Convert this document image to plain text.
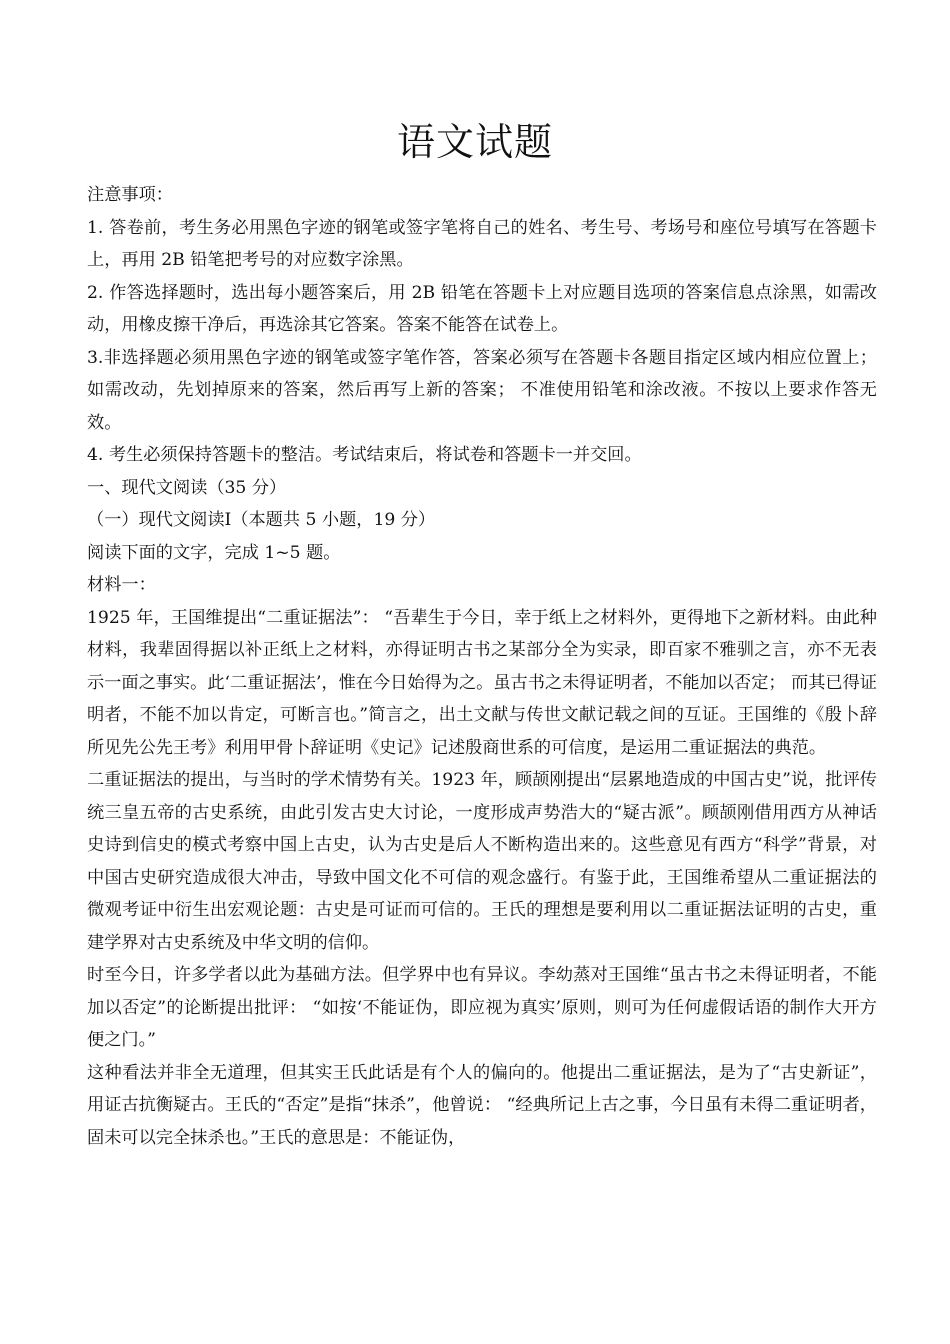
语文试题

注意事项：

1. 答卷前，考生务必用黑色字迹的钢笔或签字笔将自己的姓名、考生号、考场号和座位号填写在答题卡上，再用 2B 铅笔把考号的对应数字涂黑。

2. 作答选择题时，选出每小题答案后，用 2B 铅笔在答题卡上对应题目选项的答案信息点涂黑，如需改动，用橡皮擦干净后，再选涂其它答案。答案不能答在试卷上。

3.非选择题必须用黑色字迹的钢笔或签字笔作答，答案必须写在答题卡各题目指定区域内相应位置上； 如需改动，先划掉原来的答案，然后再写上新的答案； 不准使用铅笔和涂改液。不按以上要求作答无效。

4. 考生必须保持答题卡的整洁。考试结束后，将试卷和答题卡一并交回。

一、现代文阅读（35 分）

（一）现代文阅读Ⅰ（本题共 5 小题，19 分）

阅读下面的文字，完成 1~5 题。

材料一：

1925 年，王国维提出“二重证据法”： “吾辈生于今日，幸于纸上之材料外，更得地下之新材料。由此种材料，我辈固得据以补正纸上之材料，亦得证明古书之某部分全为实录，即百家不雅驯之言，亦不无表示一面之事实。此‘二重证据法’，惟在今日始得为之。虽古书之未得证明者，不能加以否定； 而其已得证明者，不能不加以肯定，可断言也。”简言之，出土文献与传世文献记载之间的互证。王国维的《殷卜辞所见先公先王考》利用甲骨卜辞证明《史记》记述殷商世系的可信度，是运用二重证据法的典范。

二重证据法的提出，与当时的学术情势有关。1923 年，顾颉刚提出“层累地造成的中国古史”说，批评传统三皇五帝的古史系统，由此引发古史大讨论，一度形成声势浩大的“疑古派”。顾颉刚借用西方从神话史诗到信史的模式考察中国上古史，认为古史是后人不断构造出来的。这些意见有西方“科学”背景，对中国古史研究造成很大冲击，导致中国文化不可信的观念盛行。有鉴于此，王国维希望从二重证据法的微观考证中衍生出宏观论题：古史是可证而可信的。王氏的理想是要利用以二重证据法证明的古史，重建学界对古史系统及中华文明的信仰。

时至今日，许多学者以此为基础方法。但学界中也有异议。李幼蒸对王国维“虽古书之未得证明者，不能加以否定”的论断提出批评： “如按‘不能证伪，即应视为真实’原则，则可为任何虚假话语的制作大开方便之门。”

这种看法并非全无道理，但其实王氏此话是有个人的偏向的。他提出二重证据法，是为了“古史新证”，用证古抗衡疑古。王氏的“否定”是指“抹杀”，他曾说： “经典所记上古之事，今日虽有未得二重证明者，固未可以完全抹杀也。”王氏的意思是：不能证伪，
